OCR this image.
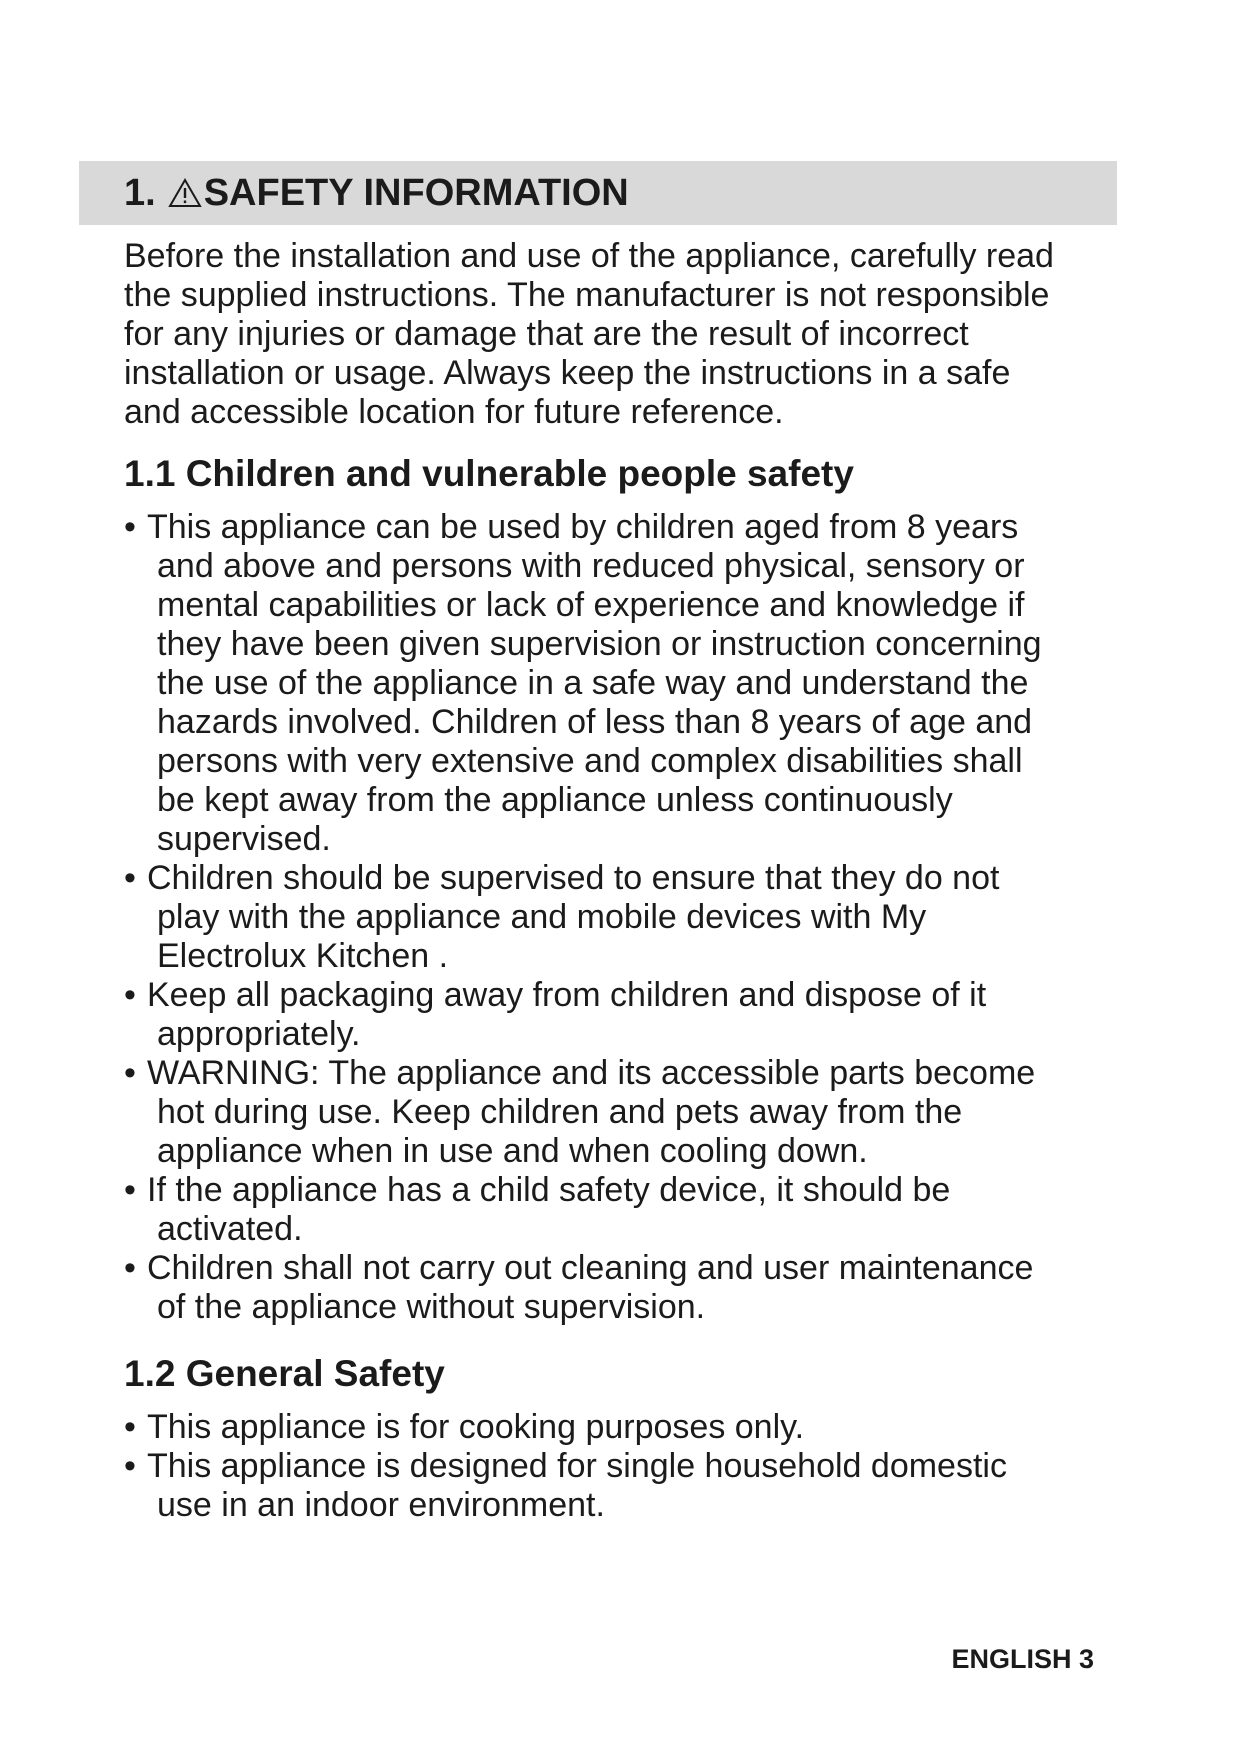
1. SAFETY INFORMATION
Before the installation and use of the appliance, carefully read
the supplied instructions. The manufacturer is not responsible
for any injuries or damage that are the result of incorrect
installation or usage. Always keep the instructions in a safe
and accessible location for future reference.
1.1 Children and vulnerable people safety
• This appliance can be used by children aged from 8 years
and above and persons with reduced physical, sensory or
mental capabilities or lack of experience and knowledge if
they have been given supervision or instruction concerning
the use of the appliance in a safe way and understand the
hazards involved. Children of less than 8 years of age and
persons with very extensive and complex disabilities shall
be kept away from the appliance unless continuously
supervised.
• Children should be supervised to ensure that they do not
play with the appliance and mobile devices with My
Electrolux Kitchen .
• Keep all packaging away from children and dispose of it
appropriately.
• WARNING: The appliance and its accessible parts become
hot during use. Keep children and pets away from the
appliance when in use and when cooling down.
• If the appliance has a child safety device, it should be
activated.
• Children shall not carry out cleaning and user maintenance
of the appliance without supervision.
1.2 General Safety
• This appliance is for cooking purposes only.
• This appliance is designed for single household domestic
use in an indoor environment.
ENGLISH 3
